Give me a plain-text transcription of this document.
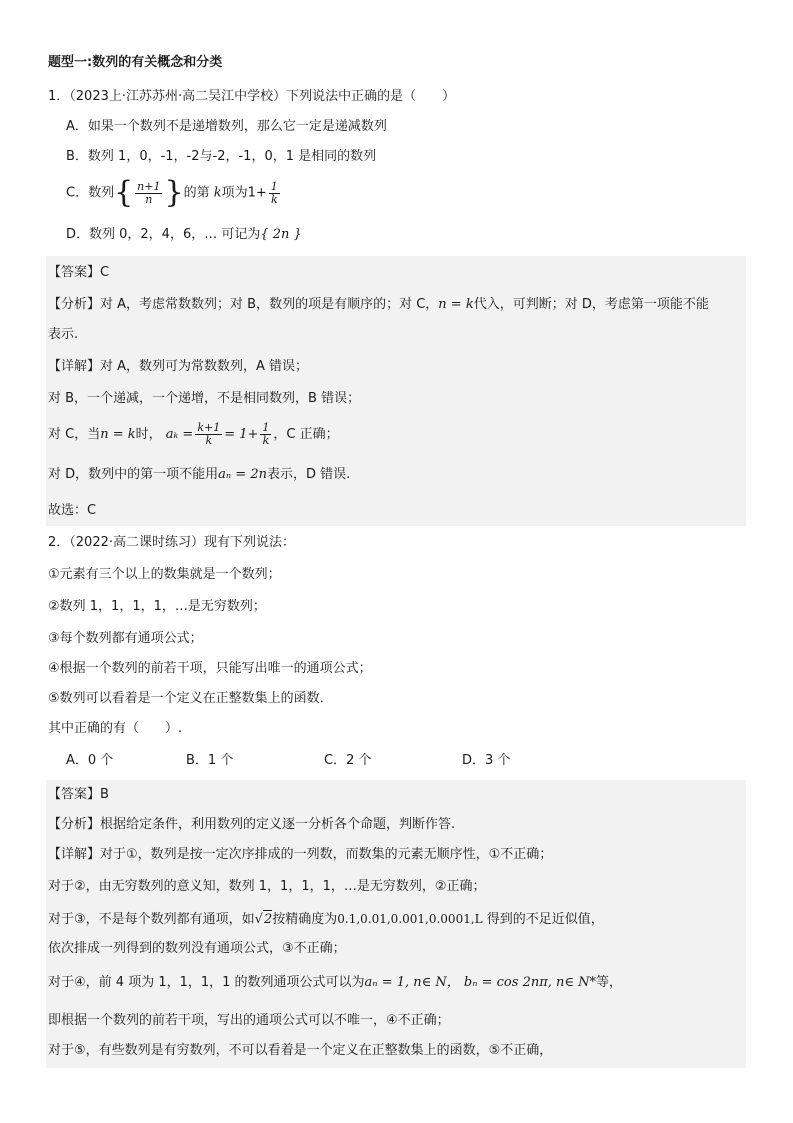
题型一:数列的有关概念和分类
1．（2023上·江苏苏州·高二吴江中学校）下列说法中正确的是（　　）
A．如果一个数列不是递增数列，那么它一定是递减数列
B．数列 1，0，-1，-2与-2，-1，0，1 是相同的数列
C．数列{ $\frac{n+1}{n}$ }的第 k项为$1+ \frac{1}{k}$
D．数列 0，2，4，6，… 可记为{ 2n }
【答案】C
【分析】对 A，考虑常数数列；对 B，数列的项是有顺序的；对 C，n = k代入，可判断；对 D，考虑第一项能不能
表示.
【详解】对 A，数列可为常数数列，A 错误；
对 B，一个递减，一个递增，不是相同数列，B 错误；
对 C，当n = k时， $a_k = \frac{k+1}{k} = 1+ \frac{1}{k}$ ，C 正确；
对 D，数列中的第一项不能用aₙ = 2n表示，D 错误.
故选：C
2．（2022·高二课时练习）现有下列说法：
①元素有三个以上的数集就是一个数列；
②数列 1，1，1，1，…是无穷数列；
③每个数列都有通项公式；
④根据一个数列的前若干项，只能写出唯一的通项公式；
⑤数列可以看着是一个定义在正整数集上的函数．
其中正确的有（　　）.
A．0 个	B．1 个	C．2 个	D．3 个
【答案】B
【分析】根据给定条件，利用数列的定义逐一分析各个命题，判断作答.
【详解】对于①，数列是按一定次序排成的一列数，而数集的元素无顺序性，①不正确；
对于②，由无穷数列的意义知，数列 1，1，1，1，…是无穷数列，②正确；
对于③，不是每个数列都有通项，如√2按精确度为0.1,0.01,0.001,0.0001,L 得到的不足近似值，
依次排成一列得到的数列没有通项公式，③不正确；
对于④，前 4 项为 1，1，1，1 的数列通项公式可以为aₙ = 1, n∈ N， bₙ = cos 2nπ, n∈ N*等，
即根据一个数列的前若干项，写出的通项公式可以不唯一，④不正确；
对于⑤，有些数列是有穷数列，不可以看着是一个定义在正整数集上的函数，⑤不正确，
